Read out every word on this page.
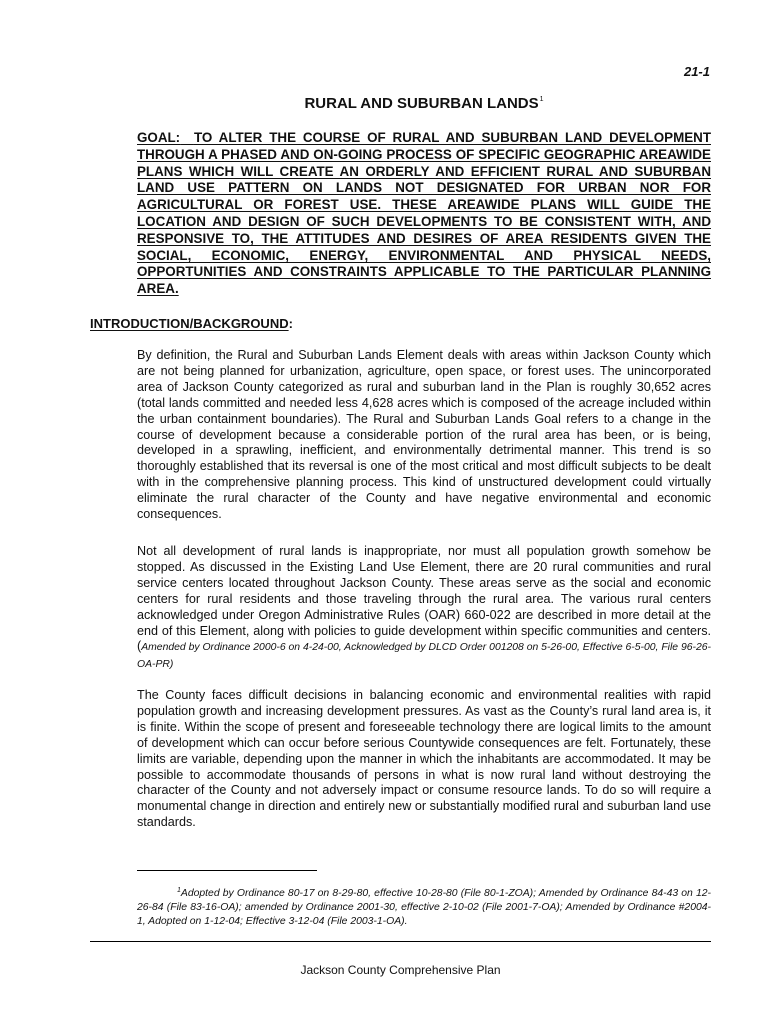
21-1
RURAL AND SUBURBAN LANDS$^1$
GOAL: TO ALTER THE COURSE OF RURAL AND SUBURBAN LAND DEVELOPMENT THROUGH A PHASED AND ON-GOING PROCESS OF SPECIFIC GEOGRAPHIC AREAWIDE PLANS WHICH WILL CREATE AN ORDERLY AND EFFICIENT RURAL AND SUBURBAN LAND USE PATTERN ON LANDS NOT DESIGNATED FOR URBAN NOR FOR AGRICULTURAL OR FOREST USE. THESE AREAWIDE PLANS WILL GUIDE THE LOCATION AND DESIGN OF SUCH DEVELOPMENTS TO BE CONSISTENT WITH, AND RESPONSIVE TO, THE ATTITUDES AND DESIRES OF AREA RESIDENTS GIVEN THE SOCIAL, ECONOMIC, ENERGY, ENVIRONMENTAL AND PHYSICAL NEEDS, OPPORTUNITIES AND CONSTRAINTS APPLICABLE TO THE PARTICULAR PLANNING AREA.
INTRODUCTION/BACKGROUND:
By definition, the Rural and Suburban Lands Element deals with areas within Jackson County which are not being planned for urbanization, agriculture, open space, or forest uses. The unincorporated area of Jackson County categorized as rural and suburban land in the Plan is roughly 30,652 acres (total lands committed and needed less 4,628 acres which is composed of the acreage included within the urban containment boundaries). The Rural and Suburban Lands Goal refers to a change in the course of development because a considerable portion of the rural area has been, or is being, developed in a sprawling, inefficient, and environmentally detrimental manner. This trend is so thoroughly established that its reversal is one of the most critical and most difficult subjects to be dealt with in the comprehensive planning process. This kind of unstructured development could virtually eliminate the rural character of the County and have negative environmental and economic consequences.
Not all development of rural lands is inappropriate, nor must all population growth somehow be stopped. As discussed in the Existing Land Use Element, there are 20 rural communities and rural service centers located throughout Jackson County. These areas serve as the social and economic centers for rural residents and those traveling through the rural area. The various rural centers acknowledged under Oregon Administrative Rules (OAR) 660-022 are described in more detail at the end of this Element, along with policies to guide development within specific communities and centers. (Amended by Ordinance 2000-6 on 4-24-00, Acknowledged by DLCD Order 001208 on 5-26-00, Effective 6-5-00, File 96-26-OA-PR)
The County faces difficult decisions in balancing economic and environmental realities with rapid population growth and increasing development pressures. As vast as the County’s rural land area is, it is finite. Within the scope of present and foreseeable technology there are logical limits to the amount of development which can occur before serious Countywide consequences are felt. Fortunately, these limits are variable, depending upon the manner in which the inhabitants are accommodated. It may be possible to accommodate thousands of persons in what is now rural land without destroying the character of the County and not adversely impact or consume resource lands. To do so will require a monumental change in direction and entirely new or substantially modified rural and suburban land use standards.
$^1$Adopted by Ordinance 80-17 on 8-29-80, effective 10-28-80 (File 80-1-ZOA); Amended by Ordinance 84-43 on 12-26-84 (File 83-16-OA); amended by Ordinance 2001-30, effective 2-10-02 (File 2001-7-OA); Amended by Ordinance #2004-1, Adopted on 1-12-04; Effective 3-12-04 (File 2003-1-OA).
Jackson County Comprehensive Plan
